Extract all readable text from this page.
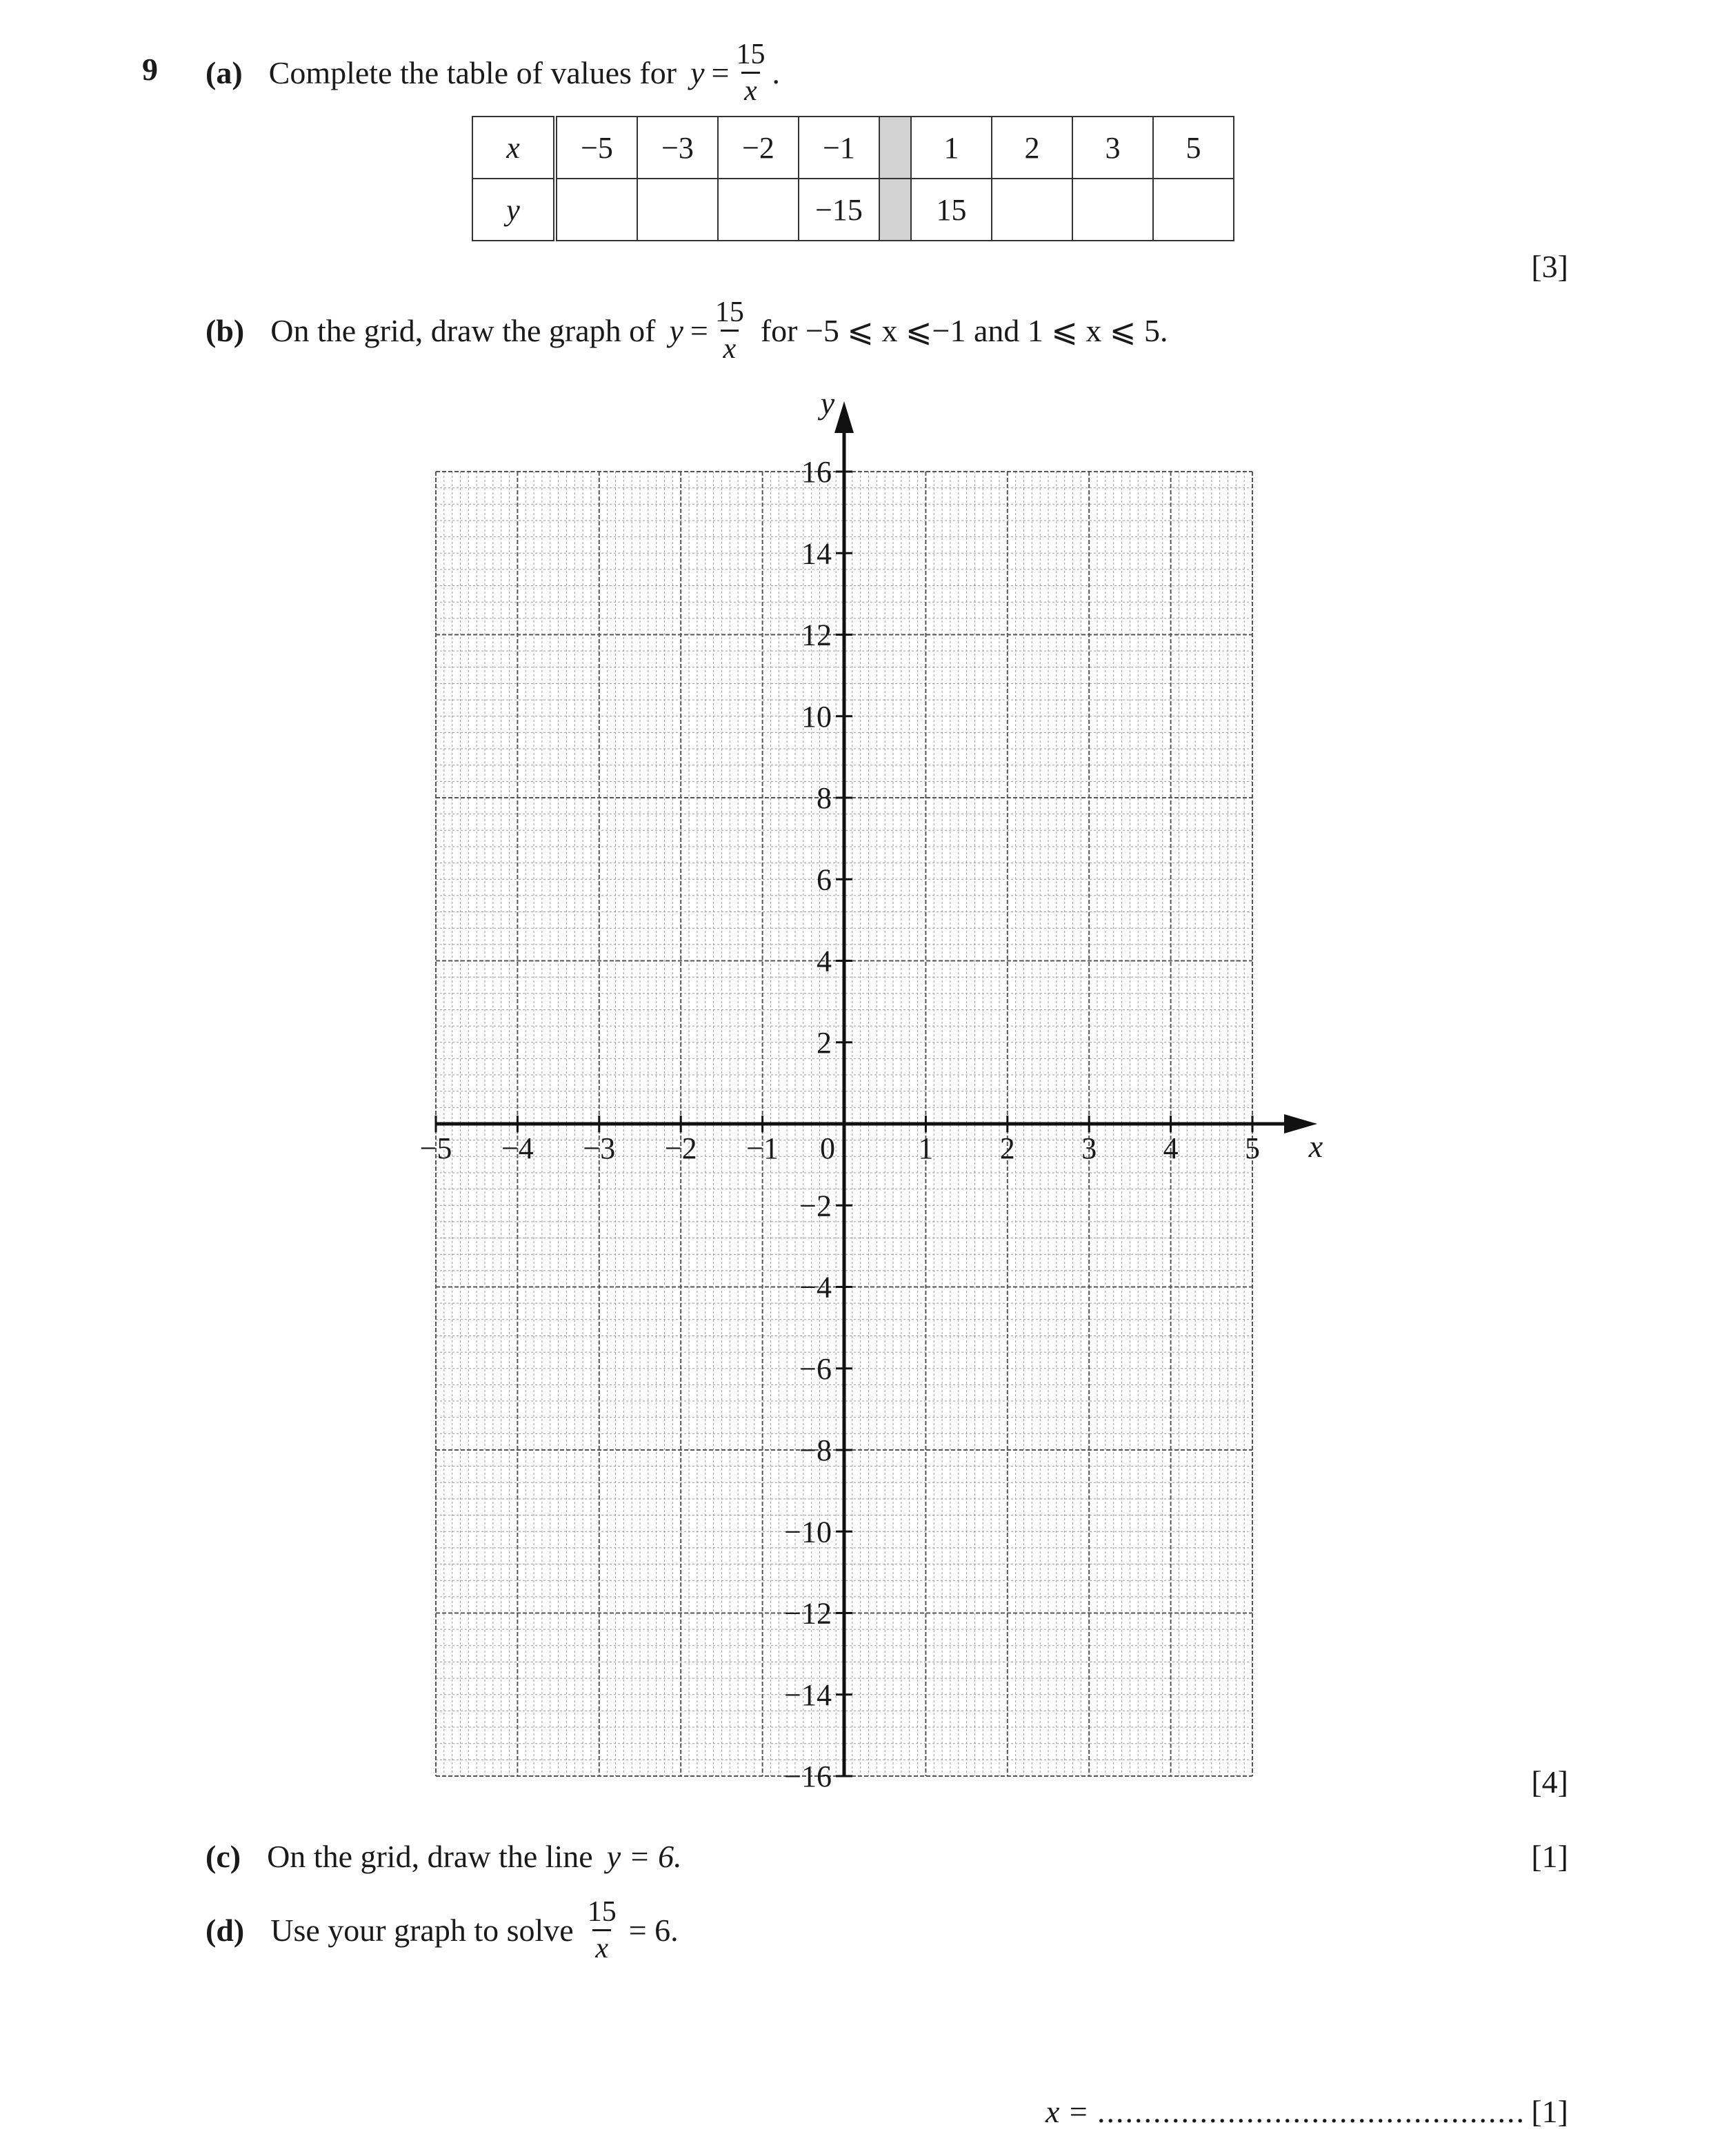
9 (a) Complete the table of values for $y = \frac{15}{x}$ .
x	−5	−3	−2	−1		1	2	3	5
y				−15		15			
[3]
(b) On the grid, draw the graph of $y = \frac{15}{x}$ for −5 ⩽ x ⩽−1 and 1 ⩽ x ⩽ 5.
x
y
−5 −4 −3 −2 −1 0	1 2 3 4 5
16
14
12
10
8
6
4
2
−2
−4
−6
−8
−10
−12
−14
−16	[4]
(c) On the grid, draw the line y = 6.	[1]
(d) Use your graph to solve $\frac{15}{x} = 6$.
x = .............................................. [1]
